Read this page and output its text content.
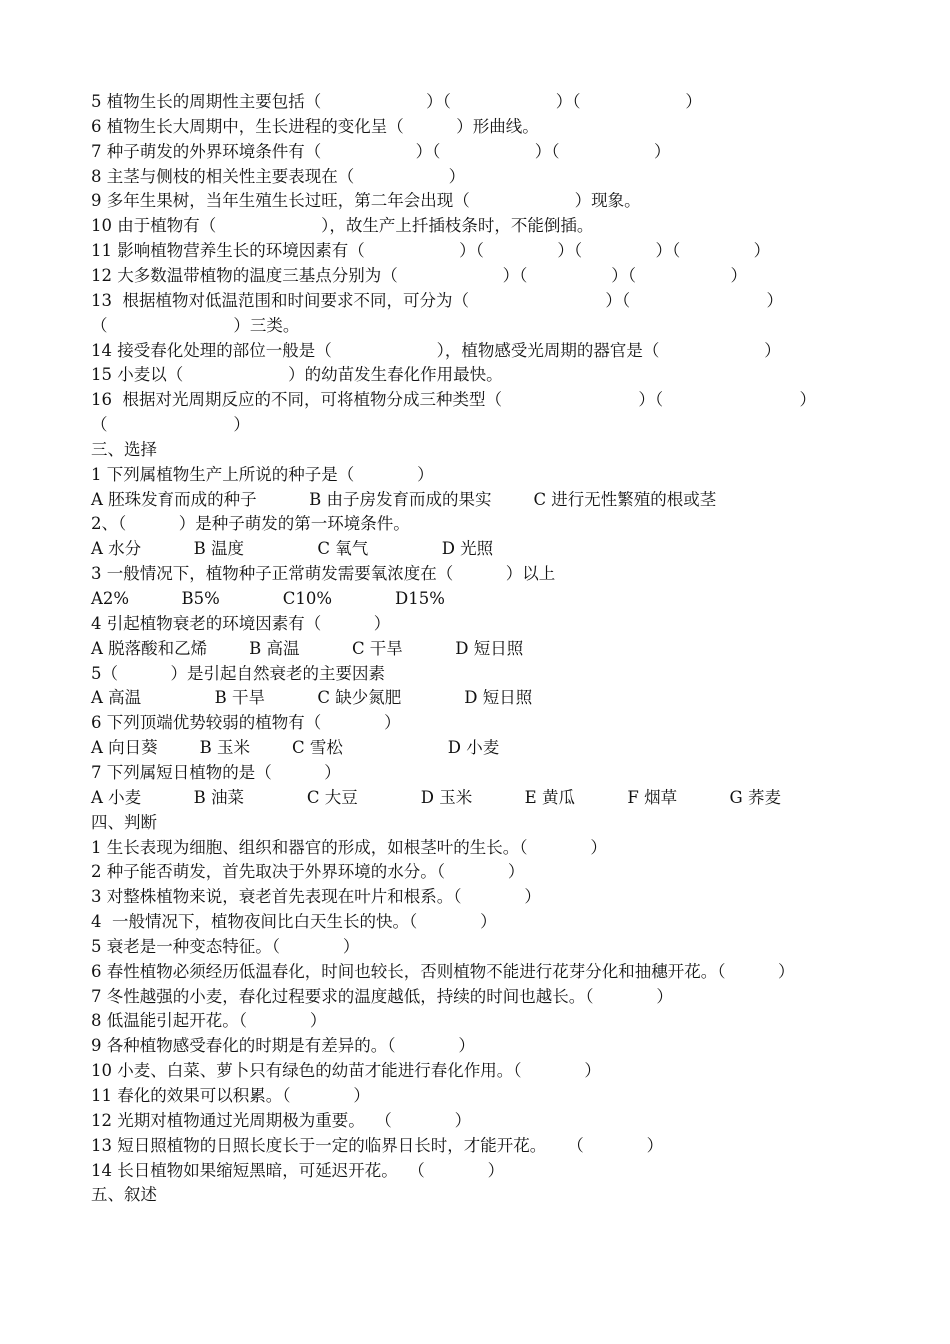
5 植物生长的周期性主要包括（                    ）（                    ）（                    ）
6 植物生长大周期中，生长进程的变化呈（          ）形曲线。
7 种子萌发的外界环境条件有（                  ）（                  ）（                  ）
8 主茎与侧枝的相关性主要表现在（                  ）
9 多年生果树，当年生殖生长过旺，第二年会出现（                    ）现象。
10 由于植物有（                    ），故生产上扦插枝条时，不能倒插。
11 影响植物营养生长的环境因素有（                  ）（              ）（              ）（              ）
12 大多数温带植物的温度三基点分别为（                    ）（                ）（                  ）
13  根据植物对低温范围和时间要求不同，可分为（                          ）（                          ）
（                        ）三类。
14 接受春化处理的部位一般是（                    ），植物感受光周期的器官是（                    ）
15 小麦以（                    ）的幼苗发生春化作用最快。
16  根据对光周期反应的不同，可将植物分成三种类型（                          ）（                          ）
（                        ）
三、选择
1 下列属植物生产上所说的种子是（            ）
A 胚珠发育而成的种子          B 由子房发育而成的果实        C 进行无性繁殖的根或茎
2、（          ）是种子萌发的第一环境条件。
A 水分          B 温度              C 氧气              D 光照
3 一般情况下，植物种子正常萌发需要氧浓度在（          ）以上
A2%          B5%            C10%            D15%
4 引起植物衰老的环境因素有（          ）
A 脱落酸和乙烯        B 高温          C 干旱          D 短日照
5（          ）是引起自然衰老的主要因素
A 高温              B 干旱          C 缺少氮肥            D 短日照
6 下列顶端优势较弱的植物有（            ）
A 向日葵        B 玉米        C 雪松                    D 小麦
7 下列属短日植物的是（          ）
A 小麦          B 油菜            C 大豆            D 玉米          E 黄瓜          F 烟草          G 荞麦
四、判断
1 生长表现为细胞、组织和器官的形成，如根茎叶的生长。（            ）
2 种子能否萌发，首先取决于外界环境的水分。（            ）
3 对整株植物来说，衰老首先表现在叶片和根系。（            ）
4  一般情况下，植物夜间比白天生长的快。（            ）
5 衰老是一种变态特征。（            ）
6 春性植物必须经历低温春化，时间也较长，否则植物不能进行花芽分化和抽穗开花。（          ）
7 冬性越强的小麦，春化过程要求的温度越低，持续的时间也越长。（            ）
8 低温能引起开花。（            ）
9 各种植物感受春化的时期是有差异的。（            ）
10 小麦、白菜、萝卜只有绿色的幼苗才能进行春化作用。（            ）
11 春化的效果可以积累。（            ）
12 光期对植物通过光周期极为重要。  （            ）
13 短日照植物的日照长度长于一定的临界日长时，才能开花。    （            ）
14 长日植物如果缩短黑暗，可延迟开花。  （            ）
五、叙述
